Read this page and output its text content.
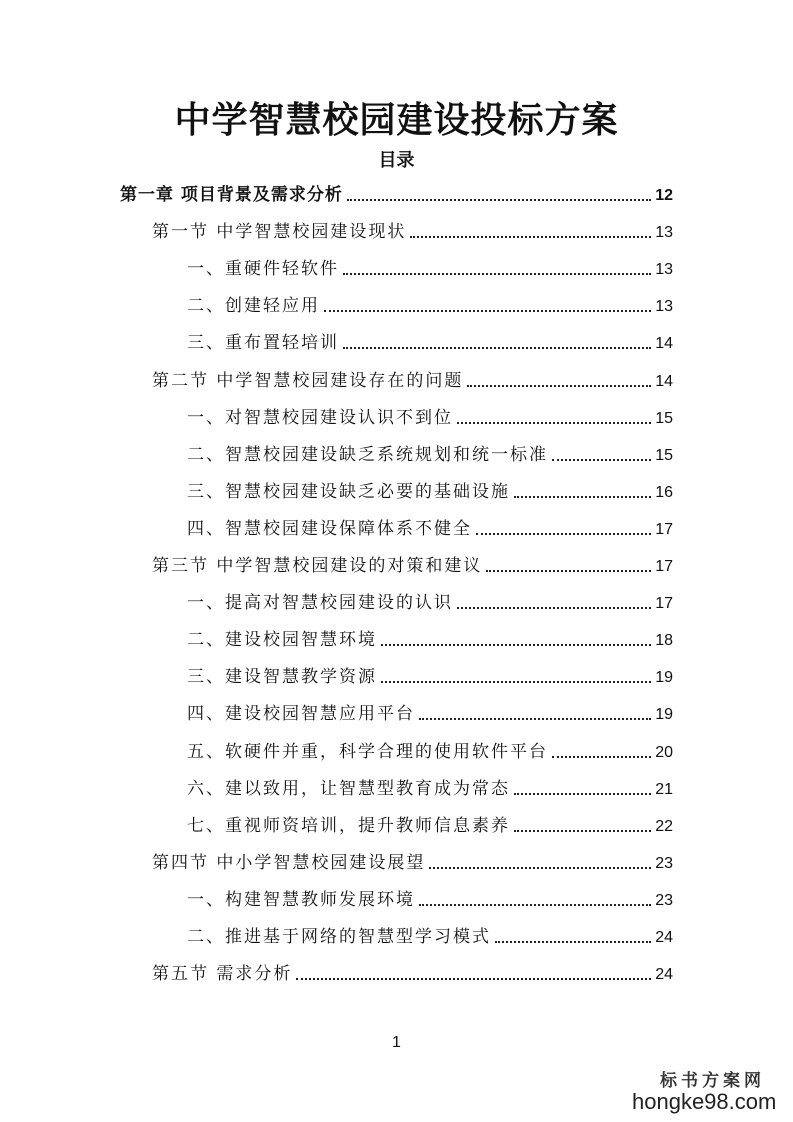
中学智慧校园建设投标方案
目录
第一章 项目背景及需求分析	12
第一节 中学智慧校园建设现状	13
一、重硬件轻软件	13
二、创建轻应用	13
三、重布置轻培训	14
第二节 中学智慧校园建设存在的问题	14
一、对智慧校园建设认识不到位	15
二、智慧校园建设缺乏系统规划和统一标准	15
三、智慧校园建设缺乏必要的基础设施	16
四、智慧校园建设保障体系不健全	17
第三节 中学智慧校园建设的对策和建议	17
一、提高对智慧校园建设的认识	17
二、建设校园智慧环境	18
三、建设智慧教学资源	19
四、建设校园智慧应用平台	19
五、软硬件并重，科学合理的使用软件平台	20
六、建以致用，让智慧型教育成为常态	21
七、重视师资培训，提升教师信息素养	22
第四节 中小学智慧校园建设展望	23
一、构建智慧教师发展环境	23
二、推进基于网络的智慧型学习模式	24
第五节 需求分析	24
1
标书方案网
hongke98.com
